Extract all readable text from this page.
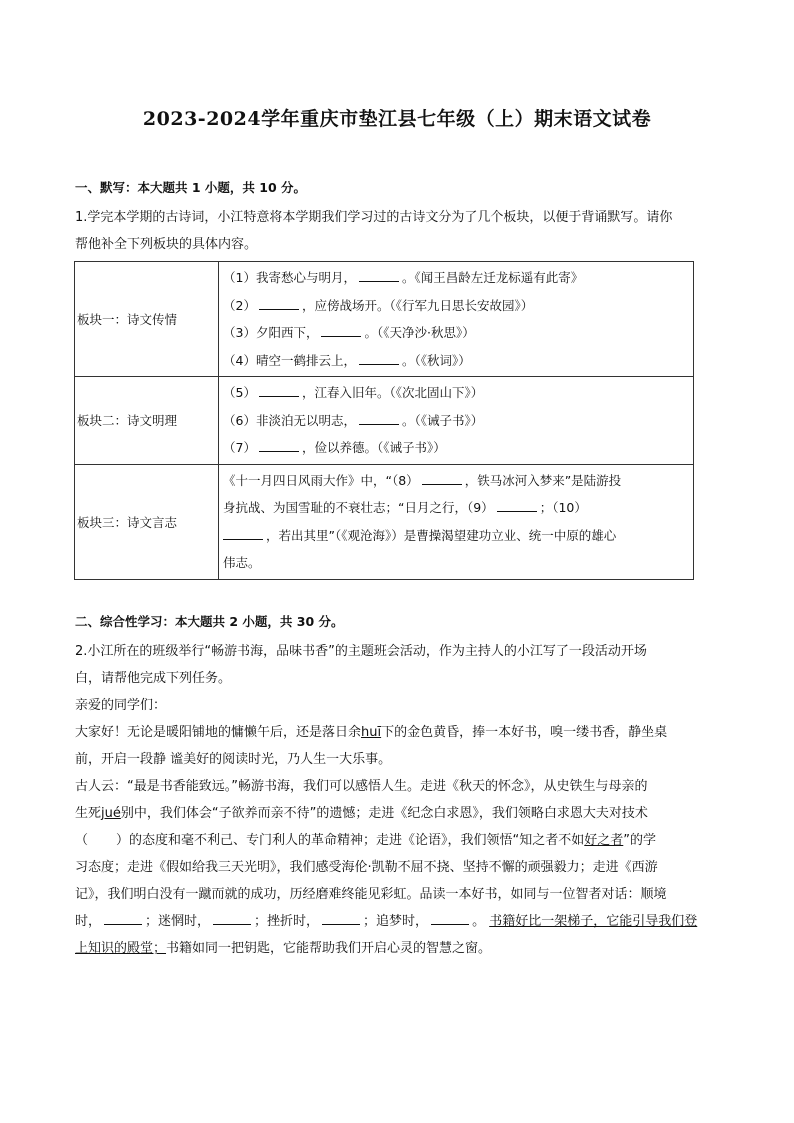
2023-2024学年重庆市垫江县七年级（上）期末语文试卷
一、默写：本大题共 1 小题，共 10 分。
1.学完本学期的古诗词，小江特意将本学期我们学习过的古诗文分为了几个板块，以便于背诵默写。请你
帮他补全下列板块的具体内容。
板块一：诗文传情	（1）我寄愁心与明月， 。《闻王昌龄左迁龙标遥有此寄》
（2） ，应傍战场开。（《行军九日思长安故园》）
（3）夕阳西下， 。（《天净沙·秋思》）
（4）晴空一鹤排云上， 。（《秋词》）

板块二：诗文明理	（5） ，江春入旧年。（《次北固山下》）
（6）非淡泊无以明志， 。（《诫子书》）
（7） ，俭以养德。（《诫子书》）

板块三：诗文言志	《十一月四日风雨大作》中，“（8） ，铁马冰河入梦来”是陆游投
身抗战、为国雪耻的不衰壮志；“日月之行，（9） ；（10）
，若出其里”（《观沧海》）是曹操渴望建功立业、统一中原的雄心
伟志。
二、综合性学习：本大题共 2 小题，共 30 分。
2.小江所在的班级举行“畅游书海，品味书香”的主题班会活动，作为主持人的小江写了一段活动开场
白，请帮他完成下列任务。
亲爱的同学们：
大家好！无论是暖阳铺地的慵懒午后，还是落日余huī下的金色黄昏，捧一本好书，嗅一缕书香，静坐桌
前，开启一段静 谧美好的阅读时光，乃人生一大乐事。
古人云：“最是书香能致远。”畅游书海，我们可以感悟人生。走进《秋天的怀念》，从史铁生与母亲的
生死jué别中，我们体会“子欲养而亲不待”的遗憾；走进《纪念白求恩》，我们领略白求恩大夫对技术
（ ）的态度和毫不利己、专门利人的革命精神；走进《论语》，我们领悟“知之者不如好之者”的学
习态度；走进《假如给我三天光明》，我们感受海伦·凯勒不屈不挠、坚持不懈的顽强毅力；走进《西游
记》，我们明白没有一蹴而就的成功，历经磨难终能见彩虹。品读一本好书，如同与一位智者对话：顺境
时，	；迷惘时，	；挫折时，	；追梦时，	。 书籍好比一架梯子，它能引导我们登
上知识的殿堂；书籍如同一把钥匙，它能帮助我们开启心灵的智慧之窗。
